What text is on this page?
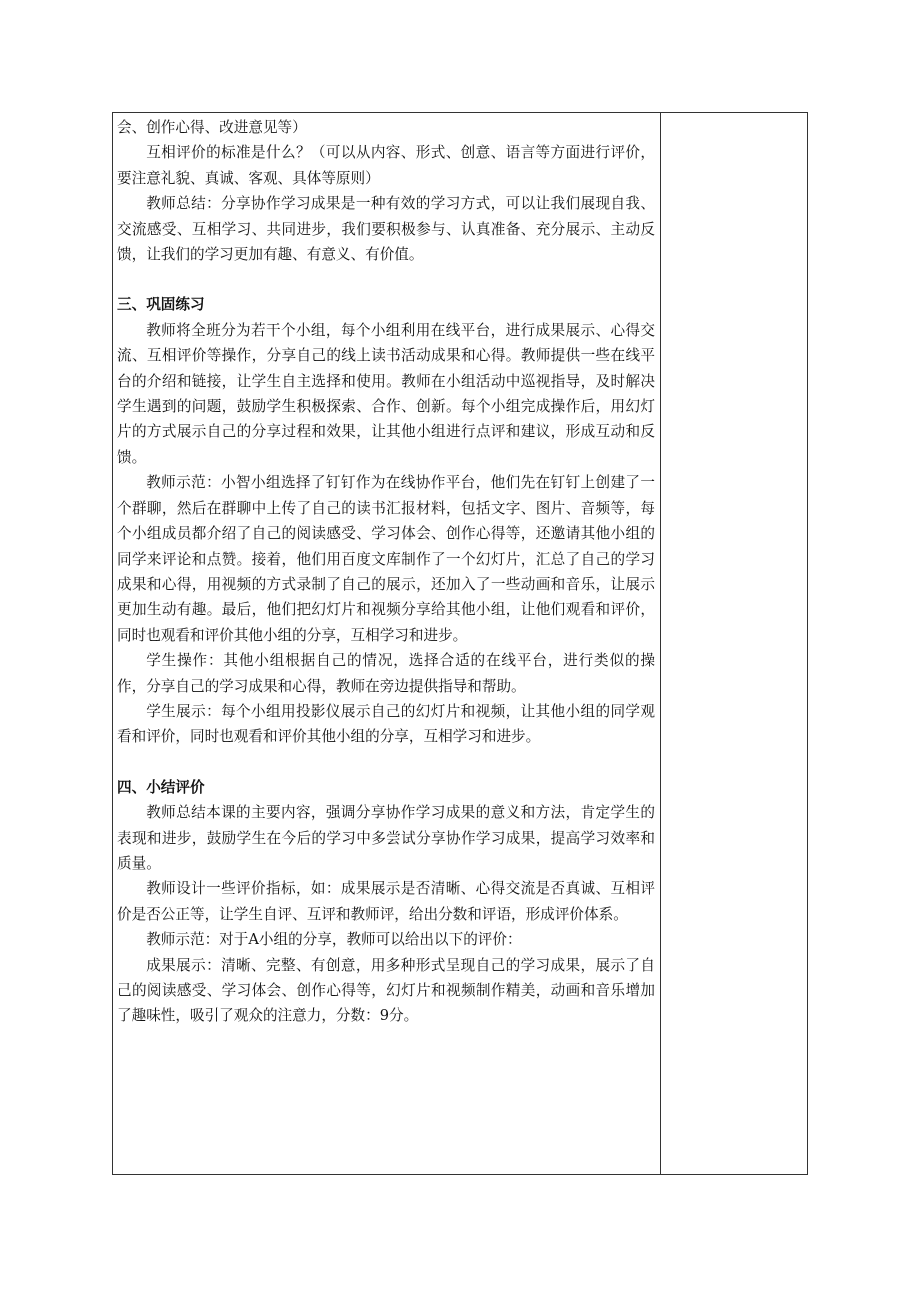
会、创作心得、改进意见等）

互相评价的标准是什么？（可以从内容、形式、创意、语言等方面进行评价，要注意礼貌、真诚、客观、具体等原则）

教师总结：分享协作学习成果是一种有效的学习方式，可以让我们展现自我、交流感受、互相学习、共同进步，我们要积极参与、认真准备、充分展示、主动反馈，让我们的学习更加有趣、有意义、有价值。

三、巩固练习

教师将全班分为若干个小组，每个小组利用在线平台，进行成果展示、心得交流、互相评价等操作，分享自己的线上读书活动成果和心得。教师提供一些在线平台的介绍和链接，让学生自主选择和使用。教师在小组活动中巡视指导，及时解决学生遇到的问题，鼓励学生积极探索、合作、创新。每个小组完成操作后，用幻灯片的方式展示自己的分享过程和效果，让其他小组进行点评和建议，形成互动和反馈。

教师示范：小智小组选择了钉钉作为在线协作平台，他们先在钉钉上创建了一个群聊，然后在群聊中上传了自己的读书汇报材料，包括文字、图片、音频等，每个小组成员都介绍了自己的阅读感受、学习体会、创作心得等，还邀请其他小组的同学来评论和点赞。接着，他们用百度文库制作了一个幻灯片，汇总了自己的学习成果和心得，用视频的方式录制了自己的展示，还加入了一些动画和音乐，让展示更加生动有趣。最后，他们把幻灯片和视频分享给其他小组，让他们观看和评价，同时也观看和评价其他小组的分享，互相学习和进步。

学生操作：其他小组根据自己的情况，选择合适的在线平台，进行类似的操作，分享自己的学习成果和心得，教师在旁边提供指导和帮助。

学生展示：每个小组用投影仪展示自己的幻灯片和视频，让其他小组的同学观看和评价，同时也观看和评价其他小组的分享，互相学习和进步。

四、小结评价

教师总结本课的主要内容，强调分享协作学习成果的意义和方法，肯定学生的表现和进步，鼓励学生在今后的学习中多尝试分享协作学习成果，提高学习效率和质量。

教师设计一些评价指标，如：成果展示是否清晰、心得交流是否真诚、互相评价是否公正等，让学生自评、互评和教师评，给出分数和评语，形成评价体系。

教师示范：对于A小组的分享，教师可以给出以下的评价：

成果展示：清晰、完整、有创意，用多种形式呈现自己的学习成果，展示了自己的阅读感受、学习体会、创作心得等，幻灯片和视频制作精美，动画和音乐增加了趣味性，吸引了观众的注意力，分数：9分。
